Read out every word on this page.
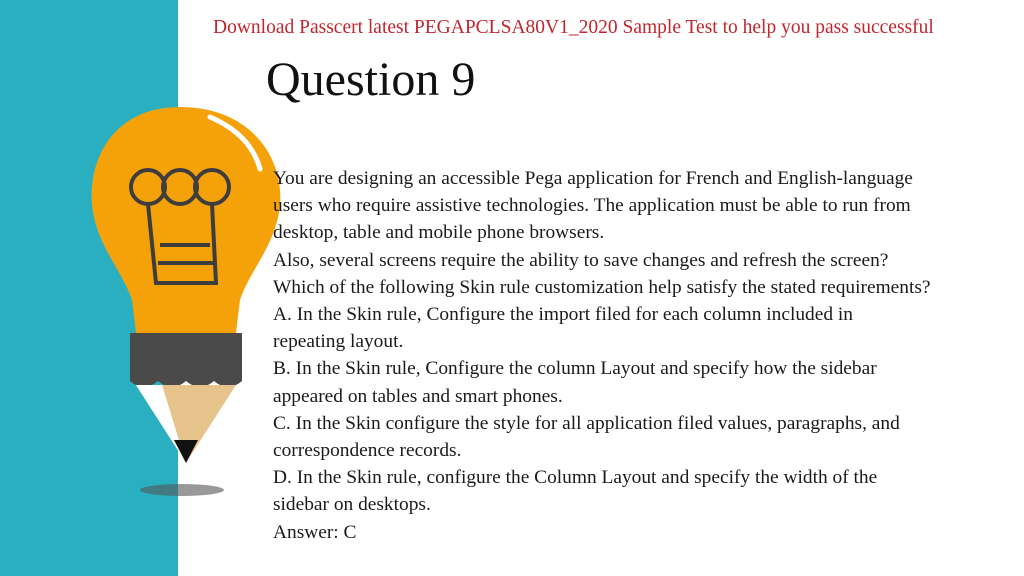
Download Passcert latest PEGAPCLSA80V1_2020 Sample Test to help you pass successful
Question 9
You are designing an accessible Pega application for French and English-language
users who require assistive technologies. The application must be able to run from
desktop, table and mobile phone browsers.
Also, several screens require the ability to save changes and refresh the screen?
Which of the following Skin rule customization help satisfy the stated requirements?
A. In the Skin rule, Configure the import filed for each column included in
repeating layout.
B. In the Skin rule, Configure the column Layout and specify how the sidebar
appeared on tables and smart phones.
C. In the Skin configure the style for all application filed values, paragraphs, and
correspondence records.
D. In the Skin rule, configure the Column Layout and specify the width of the
sidebar on desktops.
Answer: C
